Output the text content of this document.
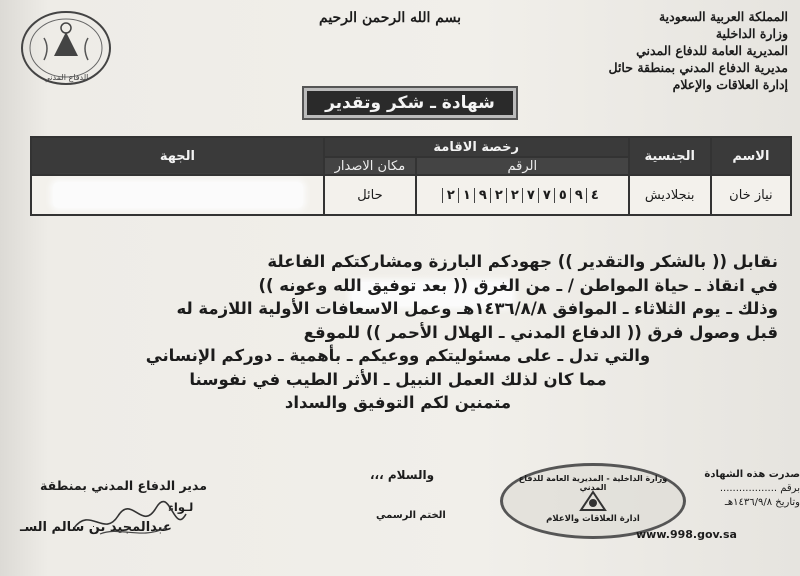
الدفاع المدني
بسم الله الرحمن الرحيم	المملكة العربية السعودية
وزارة الداخلية
المديرية العامة للدفاع المدني
مديرية الدفاع المدني بمنطقة حائل
إدارة العلاقات والإعلام
شهادة ـ شكر وتقدير
الاسم	الجنسية	رخصة الاقامة		الجهة
		الرقم	مكان الاصدار	
نياز خان	بنجلاديش	٢ ١ ٩ ٢ ٢ ٧ ٧ ٥ ٩ ٤	حائل	
نقابل (( بالشكر والتقدير )) جهودكم البارزة ومشاركتكم الفاعلة
في انقاذ ـ حياة المواطن / ـ من الغرق (( بعد توفيق الله وعونه ))
وذلك ـ يوم الثلاثاء ـ الموافق ١٤٣٦/٨/٨هـ وعمل الاسعافات الأولية اللازمة له
قبل وصول فرق (( الدفاع المدني ـ الهلال الأحمر )) للموقع
والتي تدل ـ على مسئوليتكم ووعيكم ـ بأهمية ـ دوركم الإنساني
مما كان لذلك العمل النبيل ـ الأثر الطيب في نفوسنا
متمنين لكم التوفيق والسداد
والسلام ،،،
الختم الرسمي
مدير الدفاع المدني بمنطقة
لـواء
عبدالمجيد بن سالم السـ
وزارة الداخلية - المديرية العامة للدفاع المدني
ادارة العلاقات والاعلام
صدرت هذه الشهادة
برقم ..................
وتاريخ ١٤٣٦/٩/٨هـ
www.998.gov.sa
